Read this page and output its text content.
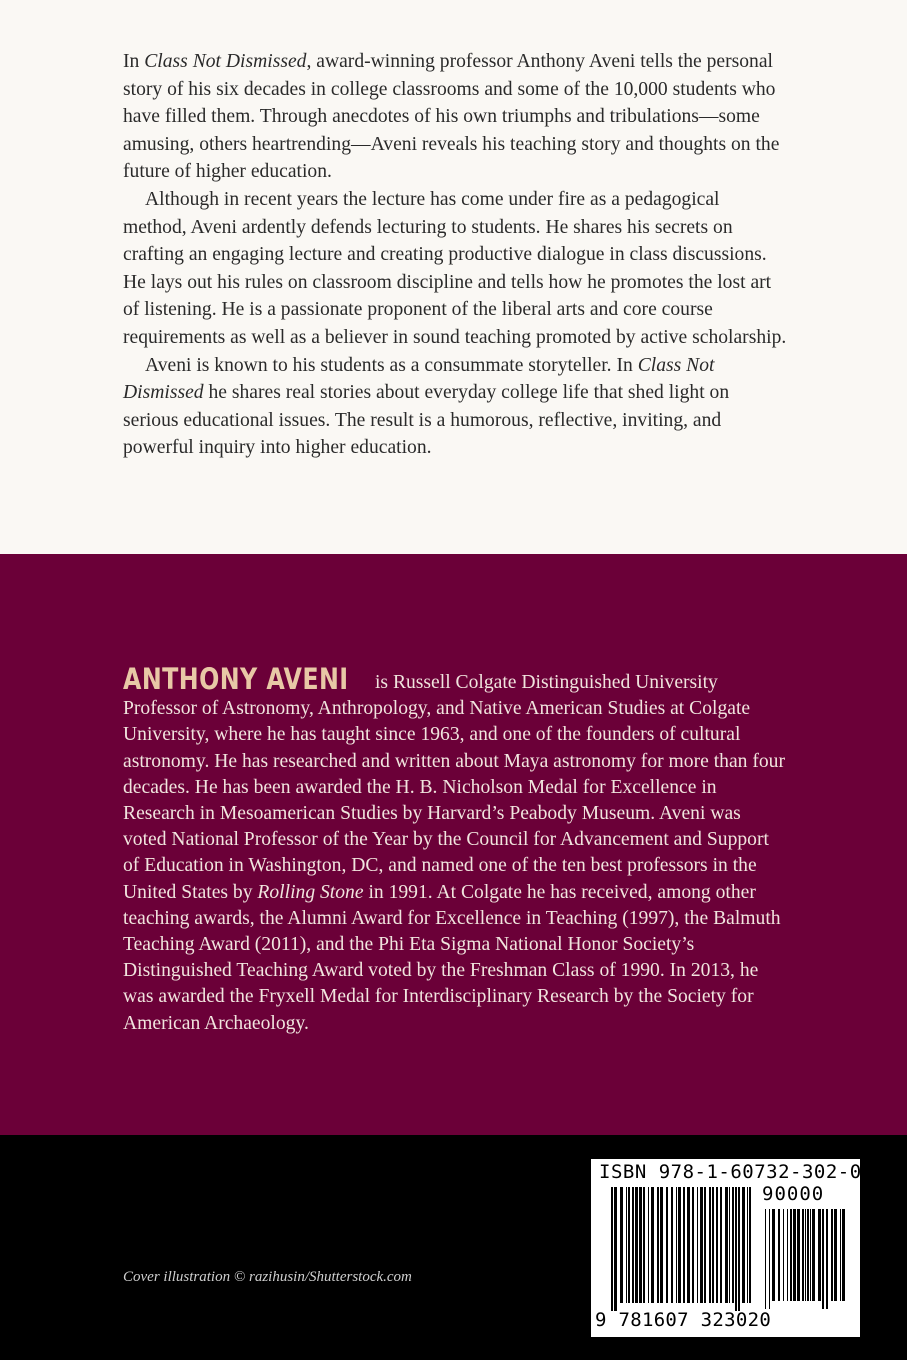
In Class Not Dismissed, award-winning professor Anthony Aveni tells the personal story of his six decades in college classrooms and some of the 10,000 students who have filled them. Through anecdotes of his own triumphs and tribulations—some amusing, others heartrending—Aveni reveals his teaching story and thoughts on the future of higher education.

Although in recent years the lecture has come under fire as a pedagogical method, Aveni ardently defends lecturing to students. He shares his secrets on crafting an engaging lecture and creating productive dialogue in class discussions. He lays out his rules on classroom discipline and tells how he promotes the lost art of listening. He is a passionate proponent of the liberal arts and core course requirements as well as a believer in sound teaching promoted by active scholarship.

Aveni is known to his students as a consummate storyteller. In Class Not Dismissed he shares real stories about everyday college life that shed light on serious educational issues. The result is a humorous, reflective, inviting, and powerful inquiry into higher education.

ANTHONY AVENI is Russell Colgate Distinguished University Professor of Astronomy, Anthropology, and Native American Studies at Colgate University, where he has taught since 1963, and one of the founders of cultural astronomy. He has researched and written about Maya astronomy for more than four decades. He has been awarded the H. B. Nicholson Medal for Excellence in Research in Mesoamerican Studies by Harvard’s Peabody Museum. Aveni was voted National Professor of the Year by the Council for Advancement and Support of Education in Washington, DC, and named one of the ten best professors in the United States by Rolling Stone in 1991. At Colgate he has received, among other teaching awards, the Alumni Award for Excellence in Teaching (1997), the Balmuth Teaching Award (2011), and the Phi Eta Sigma National Honor Society’s Distinguished Teaching Award voted by the Freshman Class of 1990. In 2013, he was awarded the Fryxell Medal for Interdisciplinary Research by the Society for American Archaeology.

Cover illustration © razihusin/Shutterstock.com
ISBN 978-1-60732-302-0
90000
9 781607 323020
